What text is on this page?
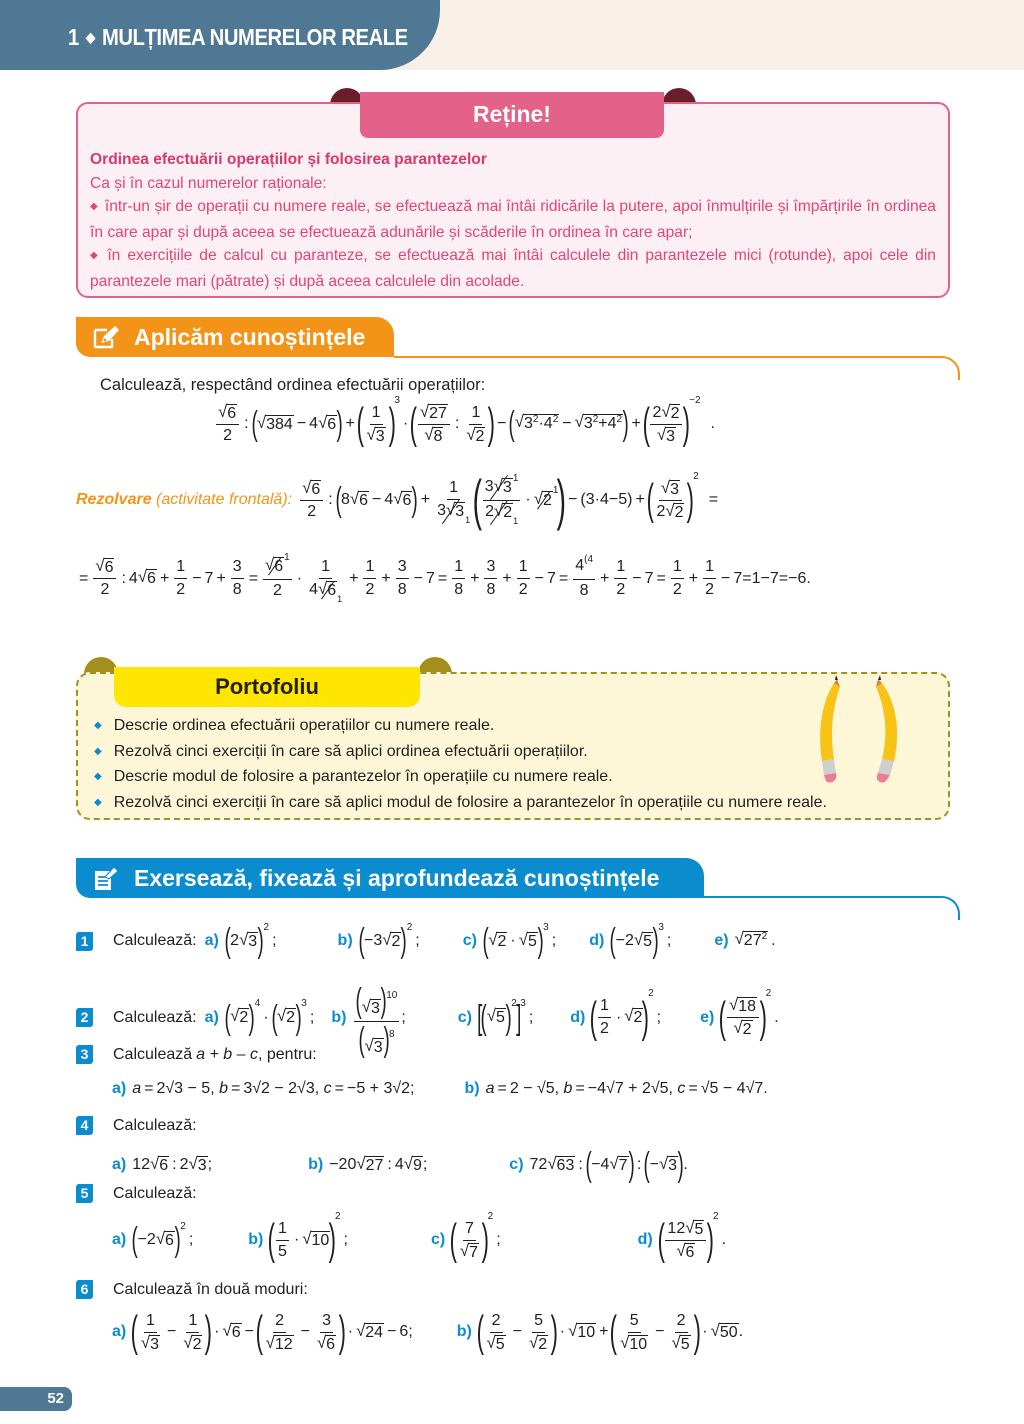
1 ◆ MULȚIMEA NUMERELOR REALE
Reține!
Ordinea efectuării operațiilor și folosirea parantezelor
Ca și în cazul numerelor raționale:
◆ într-un șir de operații cu numere reale, se efectuează mai întâi ridicările la putere, apoi înmulțirile și împărțirile în ordinea în care apar și după aceea se efectuează adunările și scăderile în ordinea în care apar;
◆ în exercițiile de calcul cu paranteze, se efectuează mai întâi calculele din parantezele mici (rotunde), apoi cele din parantezele mari (pătrate) și după aceea calculele din acolade.
Aplicăm cunoștințele
Calculează, respectând ordinea efectuării operațiilor:
$\frac{√ 6}{2}$ : ( √ 384 − 4 √ 6 ) + ( $\frac{1}{√ 3}$ )
3
· ( $\frac{√ 27}{√ 8}$ : $\frac{1}{√ 2}$ ) − ( √ $3^2\cdot 4^2$ − √ $3^2+4^2$ ) + ( $\frac{2 √ 2}{√ 3}$ )
−2
.
Rezolvare (activitate frontală): $\frac{√ 6}{2}$ : ( 8 √ 6 − 4 √ 6 ) + $\frac{1}{3 √ 3 _1}$ ( 3 √ 3
$^1$
2 √ 2 $_1$ · √ 2
1
) − (3·4−5) + ( $\frac{√ 3}{2 √ 2}$ )
2
=
= $\frac{√ 6}{2}$ : 4 √ $6 + \frac{1}{2} - 7 + \frac{3}{8}$ = √ 6
$^1$
$2 \cdot \frac{1}{4 √ 6 _1} + \frac{1}{2} + \frac{3}{8} - 7 = \frac{1}{8} + \frac{3}{8} + \frac{1}{2} - 7 = \frac{4^{(4}}{8} + \frac{1}{2} - 7 = \frac{1}{2} + \frac{1}{2} - 7 =1-7=-6$.
Portofoliu
◆ Descrie ordinea efectuării operațiilor cu numere reale.
◆ Rezolvă cinci exerciții în care să aplici ordinea efectuării operațiilor.
◆ Descrie modul de folosire a parantezelor în operațiile cu numere reale.
◆ Rezolvă cinci exerciții în care să aplici modul de folosire a parantezelor în operațiile cu numere reale.
Exersează, fixează și aprofundează cunoștințele
1 Calculează: a) ( 2 √ 3 ) 2
;	b) ( −3 √ 2 ) 2
;	c) ( √ 2 · √ 5 ) 3
; d) ( −2 √ 5 ) 3
;	e) √ $27^2$ .
2 Calculează: a) ( √ 2 ) 4
· ( √ 2 ) 3
; $b) \frac{( √ 3 )^{10}}{( √ 3 )^8}$ ;	c) [
( √ 5 ) 2 ] 3
; d) ( $\frac{1}{2}$ · √ 2 )
2
; e) ( $\frac{√ 18}{√ 2}$ )
2
.
3 Calculează a + b – c , pentru:
a) a = 2√3 − 5 , b = 3√2 − 2√3 , c = −5 + 3√2 ;	b) a = 2 − √5 , b = −4√7 + 2√5 , c = √5 − 4√7 .
4 Calculează:
a) 12 √ 6 : 2 √ 3 ;	b) −20 √ 27 : 4 √ 9 ;	c) 72 √ 63 : ( −4 √ 7 ) : ( − √ 3 ) .
5 Calculează:
a) ( −2 √ 6 ) 2
;	b) ( $\frac{1}{5}$ · √ 10 )
2
;	c) ( $\frac{7}{√ 7}$ )
2
;	d) ( $\frac{12 √ 5}{√ 6}$ )
2
.
6 Calculează în două moduri:
a) ( $\frac{1}{√ 3} - \frac{1}{√ 2}$ ) · √ 6 − ( $\frac{2}{√ 12} - \frac{3}{√ 6}$ ) · √ 24 − 6 ;	b) ( $\frac{2}{√ 5} - \frac{5}{√ 2}$ ) · √ 10 + ( $\frac{5}{√ 10} - \frac{2}{√ 5}$ ) · √ 50 .
52
